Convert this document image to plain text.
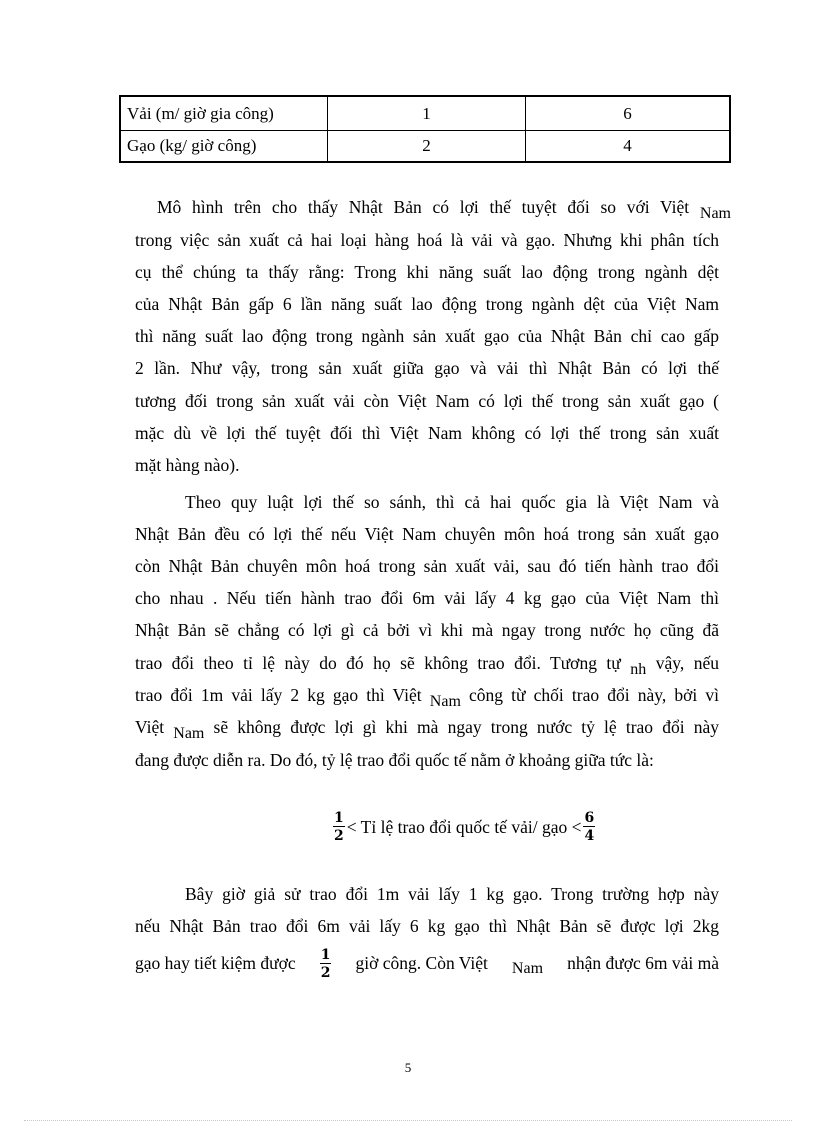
Vải (m/ giờ gia công)	1	6
Gạo (kg/ giờ công)	2	4
Mô hình trên cho thấy Nhật Bản có lợi thế tuyệt đối so với Việt Nam
trong việc sản xuất cả hai loại hàng hoá là vải và gạo. Nhưng khi phân tích
cụ thể chúng ta thấy rằng: Trong khi năng suất lao động trong ngành dệt
của Nhật Bản gấp 6 lần năng suất lao động trong ngành dệt của Việt Nam
thì năng suất lao động trong ngành sản xuất gạo của Nhật Bản chỉ cao gấp
2 lần. Như vậy, trong sản xuất giữa gạo và vải thì Nhật Bản có lợi thế
tương đối trong sản xuất vải còn Việt Nam có lợi thế trong sản xuất gạo (
mặc dù về lợi thế tuyệt đối thì Việt Nam không có lợi thế trong sản xuất
mặt hàng nào).
Theo quy luật lợi thế so sánh, thì cả hai quốc gia là Việt Nam và
Nhật Bản đều có lợi thế nếu Việt Nam chuyên môn hoá trong sản xuất gạo
còn Nhật Bản chuyên môn hoá trong sản xuất vải, sau đó tiến hành trao đổi
cho nhau . Nếu tiến hành trao đổi 6m vải lấy 4 kg gạo của Việt Nam thì
Nhật Bản sẽ chẳng có lợi gì cả bởi vì khi mà ngay trong nước họ cũng đã
trao đổi theo tỉ lệ này do đó họ sẽ không trao đổi. Tương tự nh vậy, nếu
trao đổi 1m vải lấy 2 kg gạo thì Việt Nam công từ chối trao đổi này, bởi vì
Việt Nam sẽ không được lợi gì khi mà ngay trong nước tỷ lệ trao đổi này
đang được diễn ra. Do đó, tỷ lệ trao đổi quốc tế nằm ở khoảng giữa tức là:
$\frac{1}{2}$ < Tỉ lệ trao đổi quốc tế vải/ gạo < $\frac{6}{4}$
Bây giờ giả sử trao đổi 1m vải lấy 1 kg gạo. Trong trường hợp này
nếu Nhật Bản trao đổi 6m vải lấy 6 kg gạo thì Nhật Bản sẽ được lợi 2kg
gạo hay tiết kiệm được $\frac{1}{2}$ giờ công. Còn Việt Nam nhận được 6m vải mà
5
